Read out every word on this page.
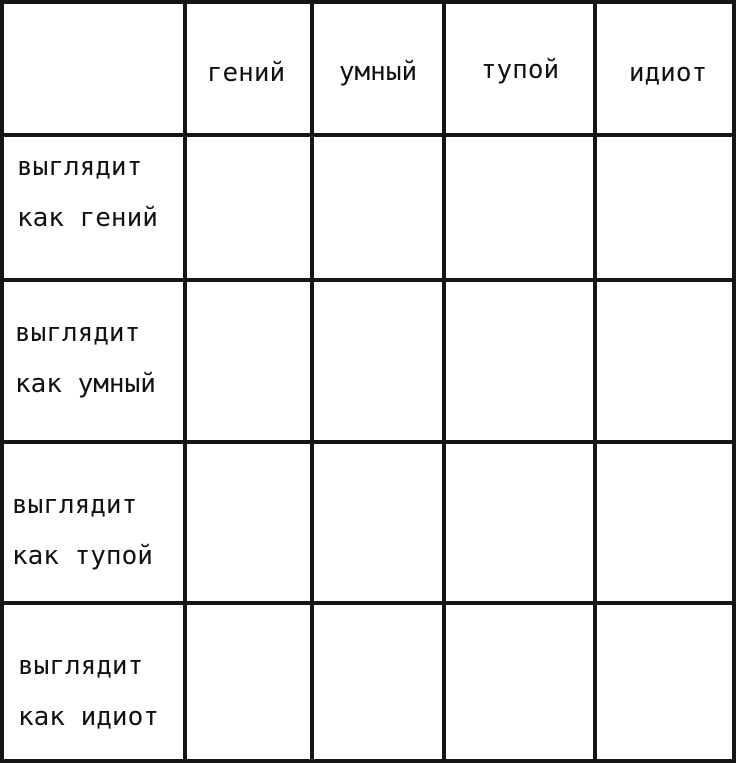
гений умный тупой	идиот
выглядит
как гений
выглядит
как умный
выглядит
как тупой
выглядит
как идиот
